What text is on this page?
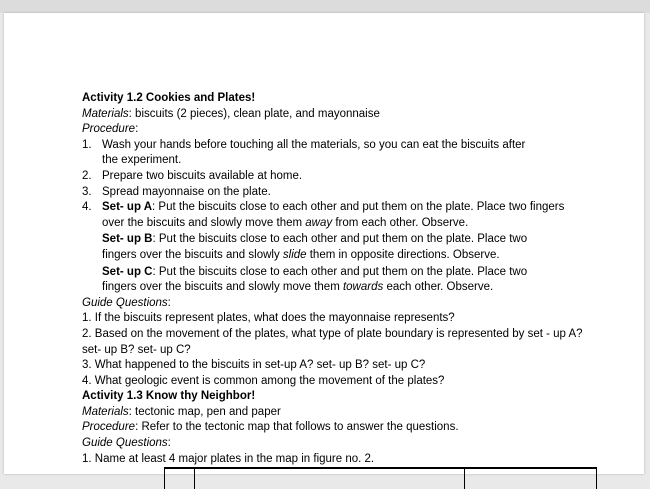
Activity 1.2 Cookies and Plates!
Materials: biscuits (2 pieces), clean plate, and mayonnaise
Procedure:
1. Wash your hands before touching all the materials, so you can eat the biscuits after
the experiment.
2. Prepare two biscuits available at home.
3. Spread mayonnaise on the plate.
4. Set- up A: Put the biscuits close to each other and put them on the plate. Place two fingers
over the biscuits and slowly move them away from each other. Observe.
Set- up B: Put the biscuits close to each other and put them on the plate. Place two
fingers over the biscuits and slowly slide them in opposite directions. Observe.
Set- up C: Put the biscuits close to each other and put them on the plate. Place two
fingers over the biscuits and slowly move them towards each other. Observe.
Guide Questions:
1. If the biscuits represent plates, what does the mayonnaise represents?
2. Based on the movement of the plates, what type of plate boundary is represented by set - up A? set- up B? set- up C?
3. What happened to the biscuits in set-up A? set- up B? set- up C?
4. What geologic event is common among the movement of the plates?
Activity 1.3 Know thy Neighbor!
Materials: tectonic map, pen and paper
Procedure: Refer to the tectonic map that follows to answer the questions.
Guide Questions:
1. Name at least 4 major plates in the map in figure no. 2.
